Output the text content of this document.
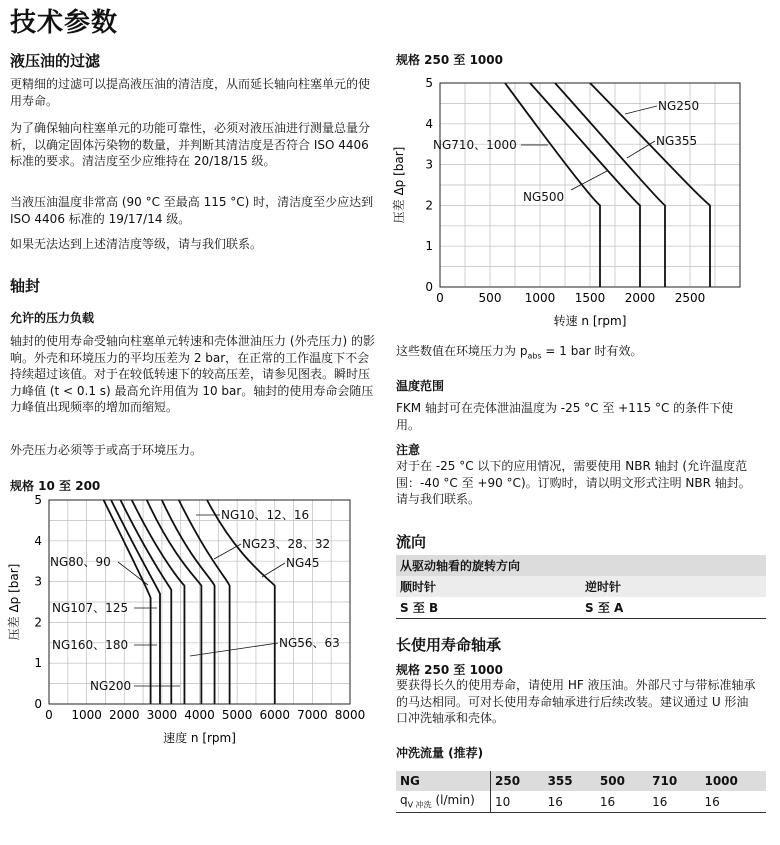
技术参数
液压油的过滤
更精细的过滤可以提高液压油的清洁度，从而延长轴向柱塞单元的使用寿命。
为了确保轴向柱塞单元的功能可靠性，必须对液压油进行测量总量分析，以确定固体污染物的数量，并判断其清洁度是否符合 ISO 4406 标准的要求。清洁度至少应维持在 20/18/15 级。
当液压油温度非常高 (90 °C 至最高 115 °C) 时，清洁度至少应达到 ISO 4406 标准的 19/17/14 级。
如果无法达到上述清洁度等级，请与我们联系。
轴封
允许的压力负载
轴封的使用寿命受轴向柱塞单元转速和壳体泄油压力 (外壳压力) 的影响。外壳和环境压力的平均压差为 2 bar，在正常的工作温度下不会持续超过该值。对于在较低转速下的较高压差，请参见图表。瞬时压力峰值 (t < 0.1 s) 最高允许用值为 10 bar。轴封的使用寿命会随压力峰值出现频率的增加而缩短。
外壳压力必须等于或高于环境压力。
规格 10 至 200
0 1000 2000 3000 4000 5000 6000 7000 8000
0
1
2
3
4
5
速度 n [rpm]
压差 Δp [bar]
NG10、12、16
NG23、28、32
NG45
NG80、90
NG107、125
NG160、180
NG200
NG56、63
规格 250 至 1000
0	500 1000 1500 2000 2500
0
1
2
3
4
5
转速 n [rpm]
压差 Δp [bar]
NG250
NG710、1000	NG355
NG500
这些数值在环境压力为 $p_{abs} = 1$ bar 时有效。
温度范围
FKM 轴封可在壳体泄油温度为 -25 °C 至 +115 °C 的条件下使用。
注意
对于在 -25 °C 以下的应用情况，需要使用 NBR 轴封 (允许温度范围：-40 °C 至 +90 °C)。订购时，请以明文形式注明 NBR 轴封。请与我们联系。
流向
从驱动轴看的旋转方向	
顺时针	逆时针
S 至 B	S 至 A
长使用寿命轴承
规格 250 至 1000
要获得长久的使用寿命，请使用 HF 液压油。外部尺寸与带标准轴承的马达相同。可对长使用寿命轴承进行后续改装。建议通过 U 形油口冲洗轴承和壳体。
冲洗流量 (推荐)
NG	250	355	500	710	1000
$q_{V 冲洗}$ (l/min)	10	16	16	16	16
